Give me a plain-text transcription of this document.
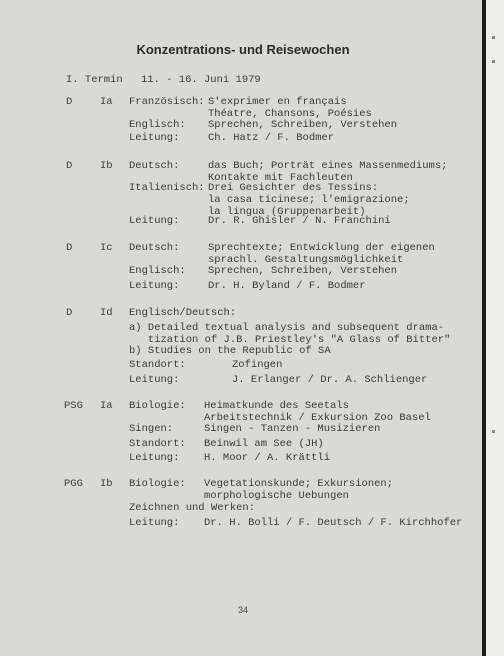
Konzentrations- und Reisewochen
I. Termin 11. - 16. Juni 1979
D	Ia Französisch: S'exprimer en français
Théatre, Chansons, Poésies
Englisch: Sprechen, Schreiben, Verstehen
Leitung:	Ch. Hatz / F. Bodmer
D	Ib Deutsch:	das Buch; Porträt eines Massenmediums;
Kontakte mit Fachleuten
Italienisch: Drei Gesichter des Tessins:
la casa ticinese; l'emigrazione;
la lingua (Gruppenarbeit)
Leitung:	Dr. R. Ghisler / N. Franchini
D	Ic Deutsch:	Sprechtexte; Entwicklung der eigenen
sprachl. Gestaltungsmöglichkeit
Englisch: Sprechen, Schreiben, Verstehen
Leitung:	Dr. H. Byland / F. Bodmer
D	Id Englisch/Deutsch:
a) Detailed textual analysis and subsequent drama-
tization of J.B. Priestley's "A Glass of Bitter"
b) Studies on the Republic of SA
Standort:	Zofingen
Leitung:	J. Erlanger / Dr. A. Schlienger
PSG Ia Biologie: Heimatkunde des Seetals
Arbeitstechnik / Exkursion Zoo Basel
Singen:	Singen - Tanzen - Musizieren
Standort: Beinwil am See (JH)
Leitung: H. Moor / A. Krättli
PGG Ib Biologie: Vegetationskunde; Exkursionen;
morphologische Uebungen
Zeichnen und Werken:
Leitung: Dr. H. Bolli / F. Deutsch / F. Kirchhofer
34
